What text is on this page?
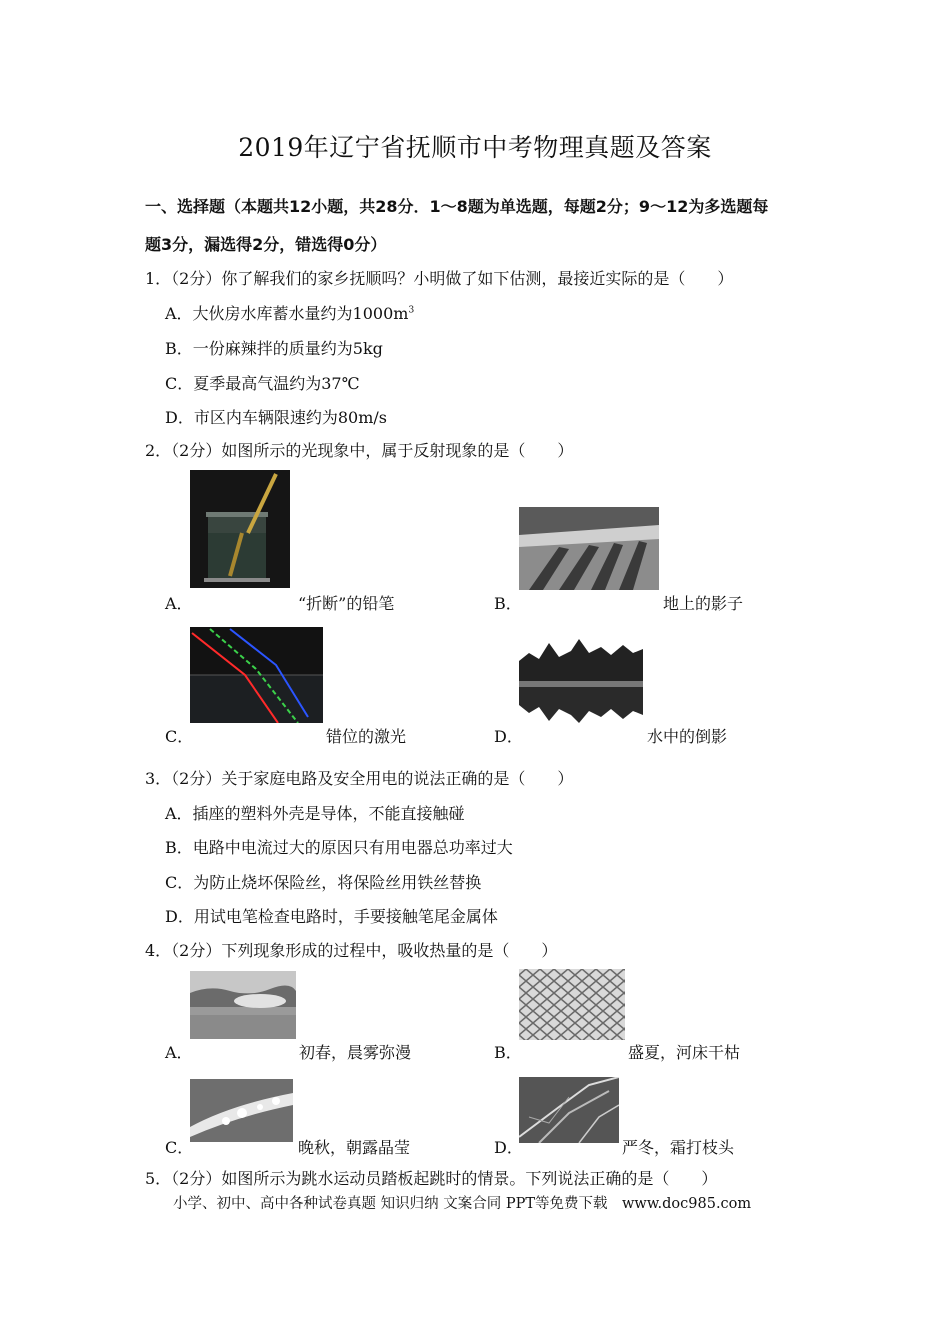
2019年辽宁省抚顺市中考物理真题及答案
一、选择题（本题共12小题，共28分．1～8题为单选题，每题2分；9～12为多选题每
题3分，漏选得2分，错选得0分）
1．（2分）你了解我们的家乡抚顺吗？小明做了如下估测，最接近实际的是（　　）
A．大伙房水库蓄水量约为$1000m^3$
B．一份麻辣拌的质量约为5kg
C．夏季最高气温约为37℃
D．市区内车辆限速约为80m/s
2．（2分）如图所示的光现象中，属于反射现象的是（　　）
A．	“折断”的铅笔	B．	地上的影子
C．	错位的激光	D．	水中的倒影
3．（2分）关于家庭电路及安全用电的说法正确的是（　　）
A．插座的塑料外壳是导体，不能直接触碰
B．电路中电流过大的原因只有用电器总功率过大
C．为防止烧坏保险丝，将保险丝用铁丝替换
D．用试电笔检查电路时，手要接触笔尾金属体
4．（2分）下列现象形成的过程中，吸收热量的是（　　）
A．	初春，晨雾弥漫	B．	盛夏，河床干枯
C．	晚秋，朝露晶莹	D．	严冬，霜打枝头
5．（2分）如图所示为跳水运动员踏板起跳时的情景。下列说法正确的是（　　）
小学、初中、高中各种试卷真题 知识归纳 文案合同 PPT等免费下载　www.doc985.com
